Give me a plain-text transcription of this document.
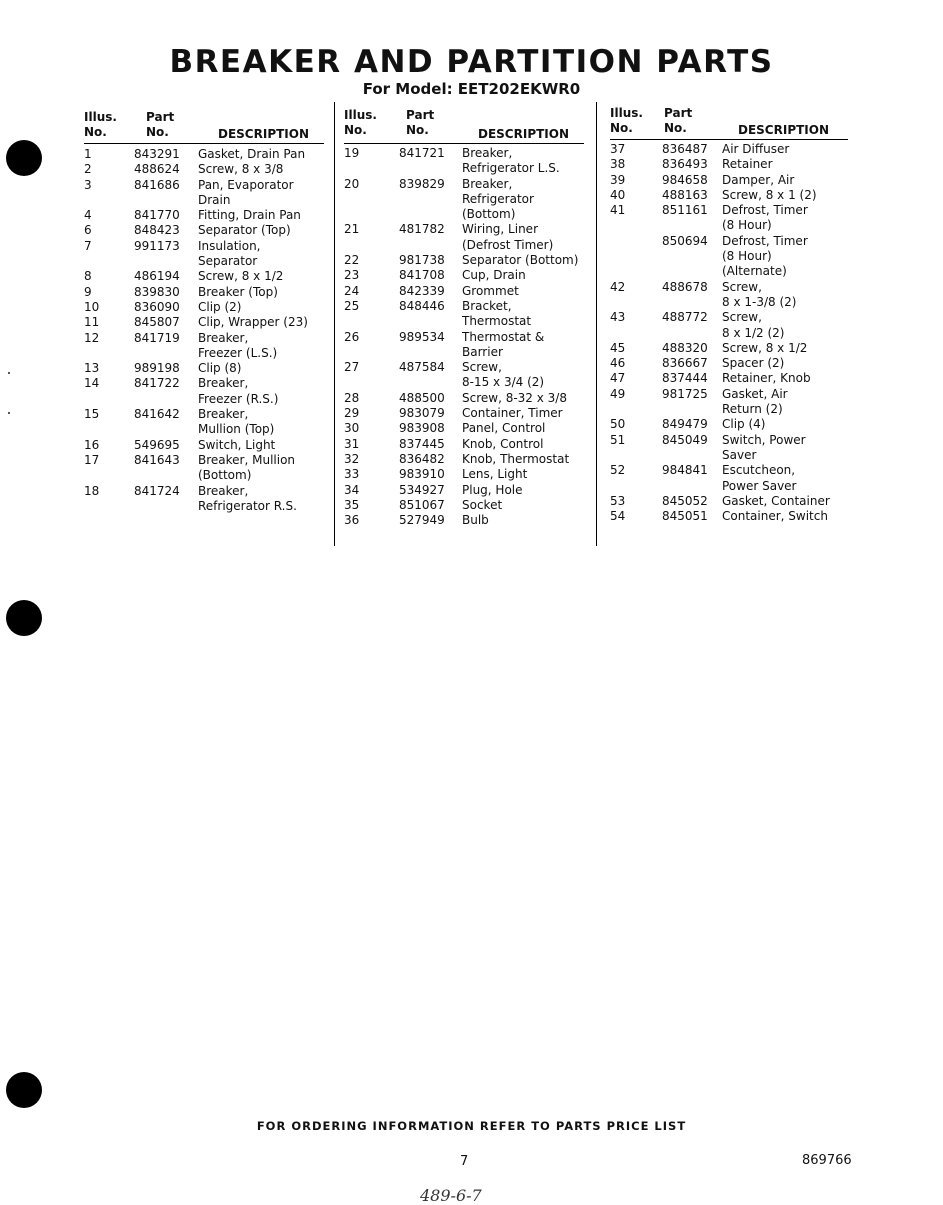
BREAKER AND PARTITION PARTS
For Model: EET202EKWR0
Illus.
No.
Part
No.	DESCRIPTION
1	843291 Gasket, Drain Pan
2	488624 Screw, 8 x 3/8
3	841686 Pan, Evaporator
Drain
4	841770 Fitting, Drain Pan
6	848423 Separator (Top)
7	991173 Insulation,
Separator
8	486194 Screw, 8 x 1/2
9	839830 Breaker (Top)
10	836090 Clip (2)
11	845807 Clip, Wrapper (23)
12	841719 Breaker,
Freezer (L.S.)
13	989198 Clip (8)
14	841722 Breaker,
Freezer (R.S.)
15	841642 Breaker,
Mullion (Top)
16	549695 Switch, Light
17	841643 Breaker, Mullion
(Bottom)
18	841724 Breaker,
Refrigerator R.S.
Illus.
No.
Part
No.	DESCRIPTION
19	841721 Breaker,
Refrigerator L.S.
20	839829 Breaker,
Refrigerator
(Bottom)
21	481782 Wiring, Liner
(Defrost Timer)
22	981738 Separator (Bottom)
23	841708 Cup, Drain
24	842339 Grommet
25	848446 Bracket,
Thermostat
26	989534 Thermostat &
Barrier
27	487584 Screw,
8-15 x 3/4 (2)
28	488500 Screw, 8-32 x 3/8
29	983079 Container, Timer
30	983908 Panel, Control
31	837445 Knob, Control
32	836482 Knob, Thermostat
33	983910 Lens, Light
34	534927 Plug, Hole
35	851067 Socket
36	527949 Bulb
Illus.
No.
Part
No.	DESCRIPTION
37	836487 Air Diffuser
38	836493 Retainer
39	984658 Damper, Air
40	488163 Screw, 8 x 1 (2)
41	851161 Defrost, Timer
(8 Hour)
850694 Defrost, Timer
(8 Hour)
(Alternate)
42	488678 Screw,
8 x 1-3/8 (2)
43	488772 Screw,
8 x 1/2 (2)
45	488320 Screw, 8 x 1/2
46	836667 Spacer (2)
47	837444 Retainer, Knob
49	981725 Gasket, Air
Return (2)
50	849479 Clip (4)
51	845049 Switch, Power
Saver
52	984841 Escutcheon,
Power Saver
53	845052 Gasket, Container
54	845051 Container, Switch
FOR ORDERING INFORMATION REFER TO PARTS PRICE LIST
7	869766
489-6-7
